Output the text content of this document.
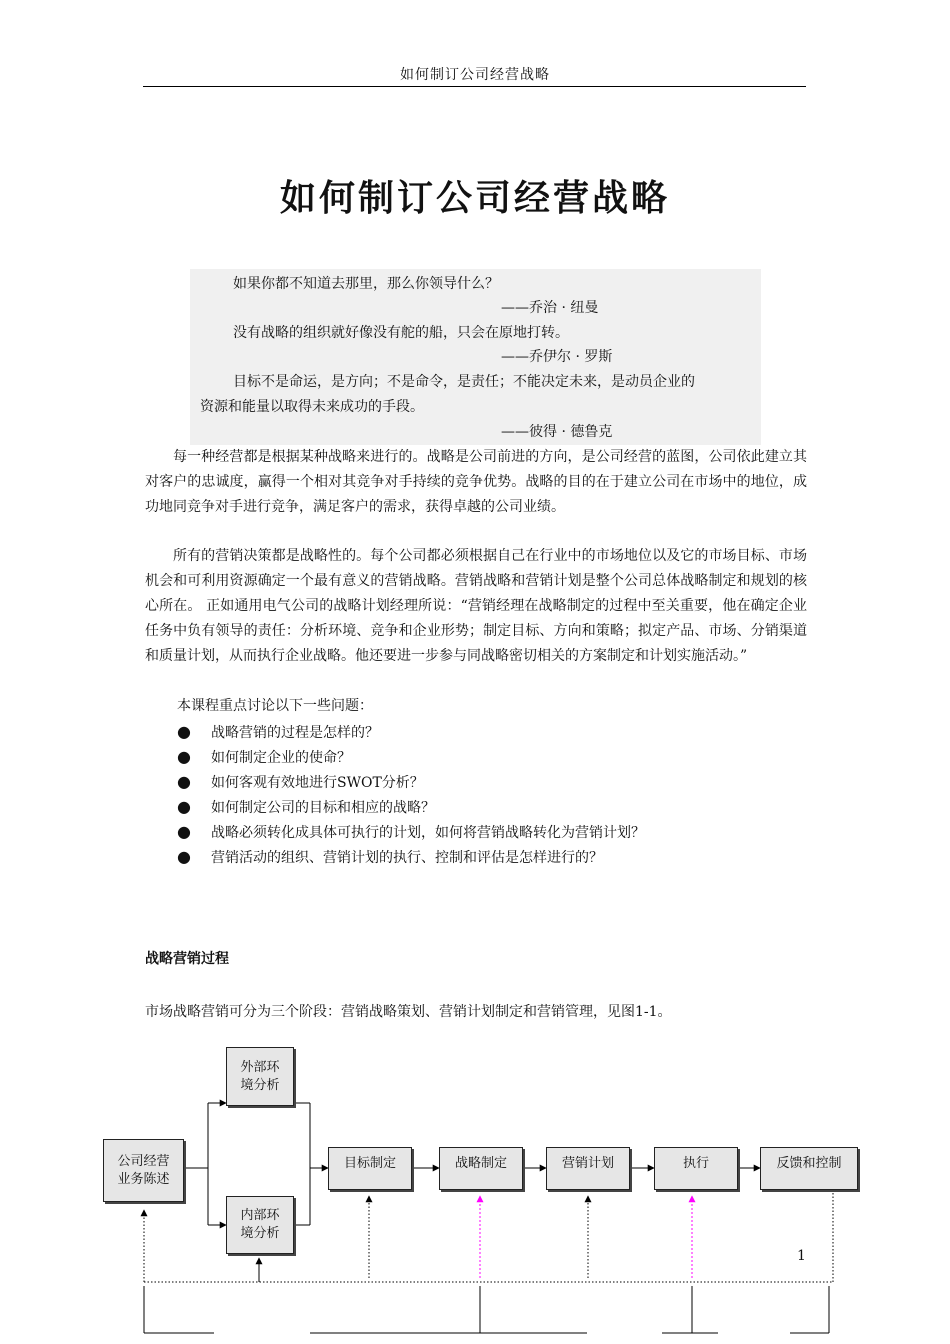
如何制订公司经营战略
如何制订公司经营战略
如果你都不知道去那里，那么你领导什么？
——乔治 · 纽曼
没有战略的组织就好像没有舵的船，只会在原地打转。
——乔伊尔 · 罗斯
目标不是命运，是方向；不是命令，是责任；不能决定未来，是动员企业的
资源和能量以取得未来成功的手段。
——彼得 · 德鲁克
每一种经营都是根据某种战略来进行的。战略是公司前进的方向，是公司经营的蓝图，公司依此建立其对客户的忠诚度，赢得一个相对其竞争对手持续的竞争优势。战略的目的在于建立公司在市场中的地位，成功地同竞争对手进行竞争，满足客户的需求，获得卓越的公司业绩。
所有的营销决策都是战略性的。每个公司都必须根据自己在行业中的市场地位以及它的市场目标、市场机会和可利用资源确定一个最有意义的营销战略。营销战略和营销计划是整个公司总体战略制定和规划的核心所在。 正如通用电气公司的战略计划经理所说：“营销经理在战略制定的过程中至关重要，他在确定企业任务中负有领导的责任：分析环境、竞争和企业形势；制定目标、方向和策略；拟定产品、市场、分销渠道和质量计划，从而执行企业战略。他还要进一步参与同战略密切相关的方案制定和计划实施活动。”
本课程重点讨论以下一些问题：
● 战略营销的过程是怎样的？
● 如何制定企业的使命？
● 如何客观有效地进行SWOT分析？
● 如何制定公司的目标和相应的战略？
● 战略必须转化成具体可执行的计划，如何将营销战略转化为营销计划？
● 营销活动的组织、营销计划的执行、控制和评估是怎样进行的？
战略营销过程
市场战略营销可分为三个阶段：营销战略策划、营销计划制定和营销管理，见图1-1。
公司经营
业务陈述
外部环
境分析
内部环
境分析
目标制定	战略制定	营销计划	执行	反馈和控制
1
